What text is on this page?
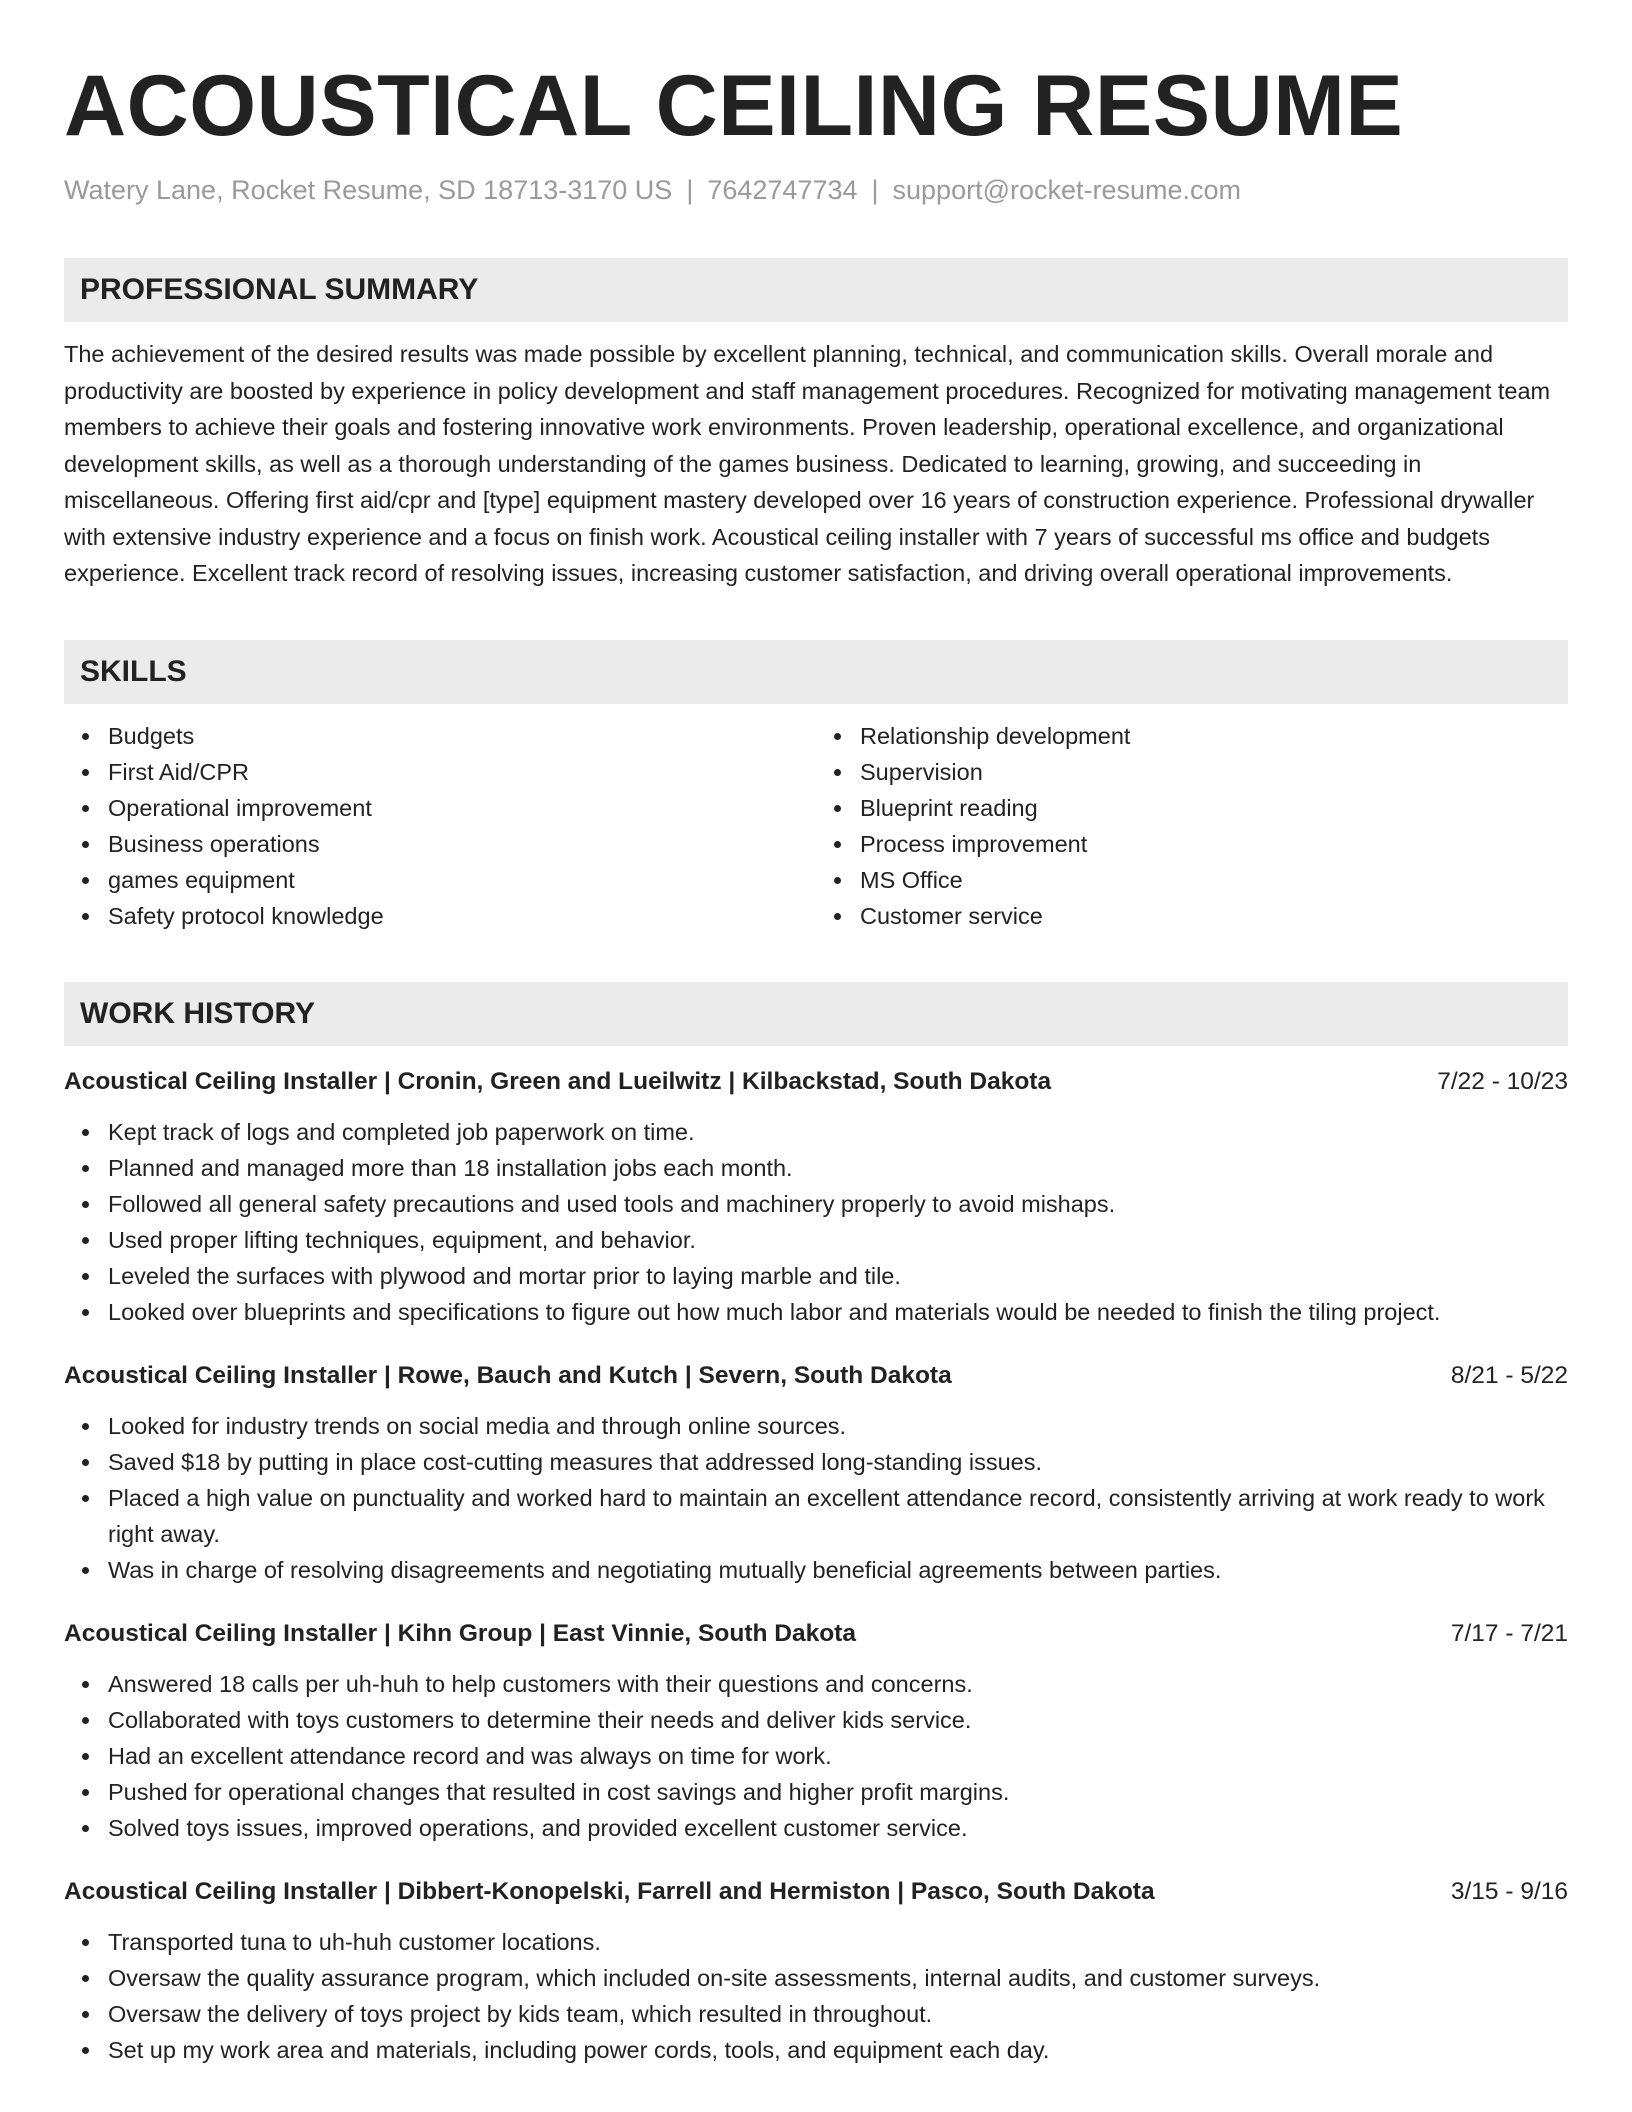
ACOUSTICAL CEILING RESUME
Watery Lane, Rocket Resume, SD 18713-3170 US | 7642747734 | support@rocket-resume.com
PROFESSIONAL SUMMARY

The achievement of the desired results was made possible by excellent planning, technical, and communication skills. Overall morale and productivity are boosted by experience in policy development and staff management procedures. Recognized for motivating management team members to achieve their goals and fostering innovative work environments. Proven leadership, operational excellence, and organizational development skills, as well as a thorough understanding of the games business. Dedicated to learning, growing, and succeeding in miscellaneous. Offering first aid/cpr and [type] equipment mastery developed over 16 years of construction experience. Professional drywaller with extensive industry experience and a focus on finish work. Acoustical ceiling installer with 7 years of successful ms office and budgets experience. Excellent track record of resolving issues, increasing customer satisfaction, and driving overall operational improvements.

SKILLS
Budgets
First Aid/CPR
Operational improvement
Business operations
games equipment
Safety protocol knowledge
Relationship development
Supervision
Blueprint reading
Process improvement
MS Office
Customer service
WORK HISTORY
Acoustical Ceiling Installer | Cronin, Green and Lueilwitz | Kilbackstad, South Dakota	7/22 - 10/23
Kept track of logs and completed job paperwork on time.
Planned and managed more than 18 installation jobs each month.
Followed all general safety precautions and used tools and machinery properly to avoid mishaps.
Used proper lifting techniques, equipment, and behavior.
Leveled the surfaces with plywood and mortar prior to laying marble and tile.
Looked over blueprints and specifications to figure out how much labor and materials would be needed to finish the tiling project.
Acoustical Ceiling Installer | Rowe, Bauch and Kutch | Severn, South Dakota	8/21 - 5/22
Looked for industry trends on social media and through online sources.
Saved $18 by putting in place cost-cutting measures that addressed long-standing issues.
Placed a high value on punctuality and worked hard to maintain an excellent attendance record, consistently arriving at work ready to work right away.
Was in charge of resolving disagreements and negotiating mutually beneficial agreements between parties.
Acoustical Ceiling Installer | Kihn Group | East Vinnie, South Dakota	7/17 - 7/21
Answered 18 calls per uh-huh to help customers with their questions and concerns.
Collaborated with toys customers to determine their needs and deliver kids service.
Had an excellent attendance record and was always on time for work.
Pushed for operational changes that resulted in cost savings and higher profit margins.
Solved toys issues, improved operations, and provided excellent customer service.
Acoustical Ceiling Installer | Dibbert-Konopelski, Farrell and Hermiston | Pasco, South Dakota	3/15 - 9/16
Transported tuna to uh-huh customer locations.
Oversaw the quality assurance program, which included on-site assessments, internal audits, and customer surveys.
Oversaw the delivery of toys project by kids team, which resulted in throughout.
Set up my work area and materials, including power cords, tools, and equipment each day.
